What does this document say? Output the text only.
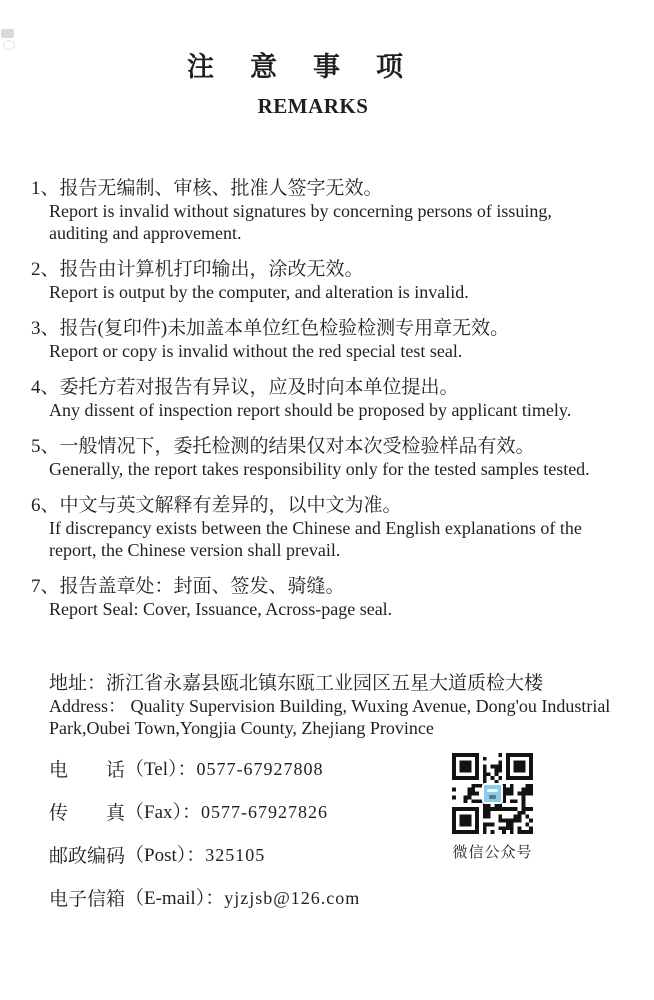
注意事项
REMARKS
1、报告无编制、审核、批准人签字无效。
Report is invalid without signatures by concerning persons of issuing,
auditing and approvement.
2、报告由计算机打印输出，涂改无效。
Report is output by the computer, and alteration is invalid.
3、报告(复印件)未加盖本单位红色检验检测专用章无效。
Report or copy is invalid without the red special test seal.
4、委托方若对报告有异议，应及时向本单位提出。
Any dissent of inspection report should be proposed by applicant timely.
5、一般情况下，委托检测的结果仅对本次受检验样品有效。
Generally, the report takes responsibility only for the tested samples tested.
6、中文与英文解释有差异的，以中文为准。
If discrepancy exists between the Chinese and English explanations of the
report, the Chinese version shall prevail.
7、报告盖章处：封面、签发、骑缝。
Report Seal: Cover, Issuance, Across-page seal.
地址：浙江省永嘉县瓯北镇东瓯工业园区五星大道质检大楼
Address： Quality Supervision Building, Wuxing Avenue, Dong'ou Industrial
Park,Oubei Town,Yongjia County, Zhejiang Province
电话（Tel）：0577-67927808
传真（Fax）：0577-67927826
邮政编码（Post）：325105
电子信箱（E-mail）：yjzjsb@126.com
微信公众号
